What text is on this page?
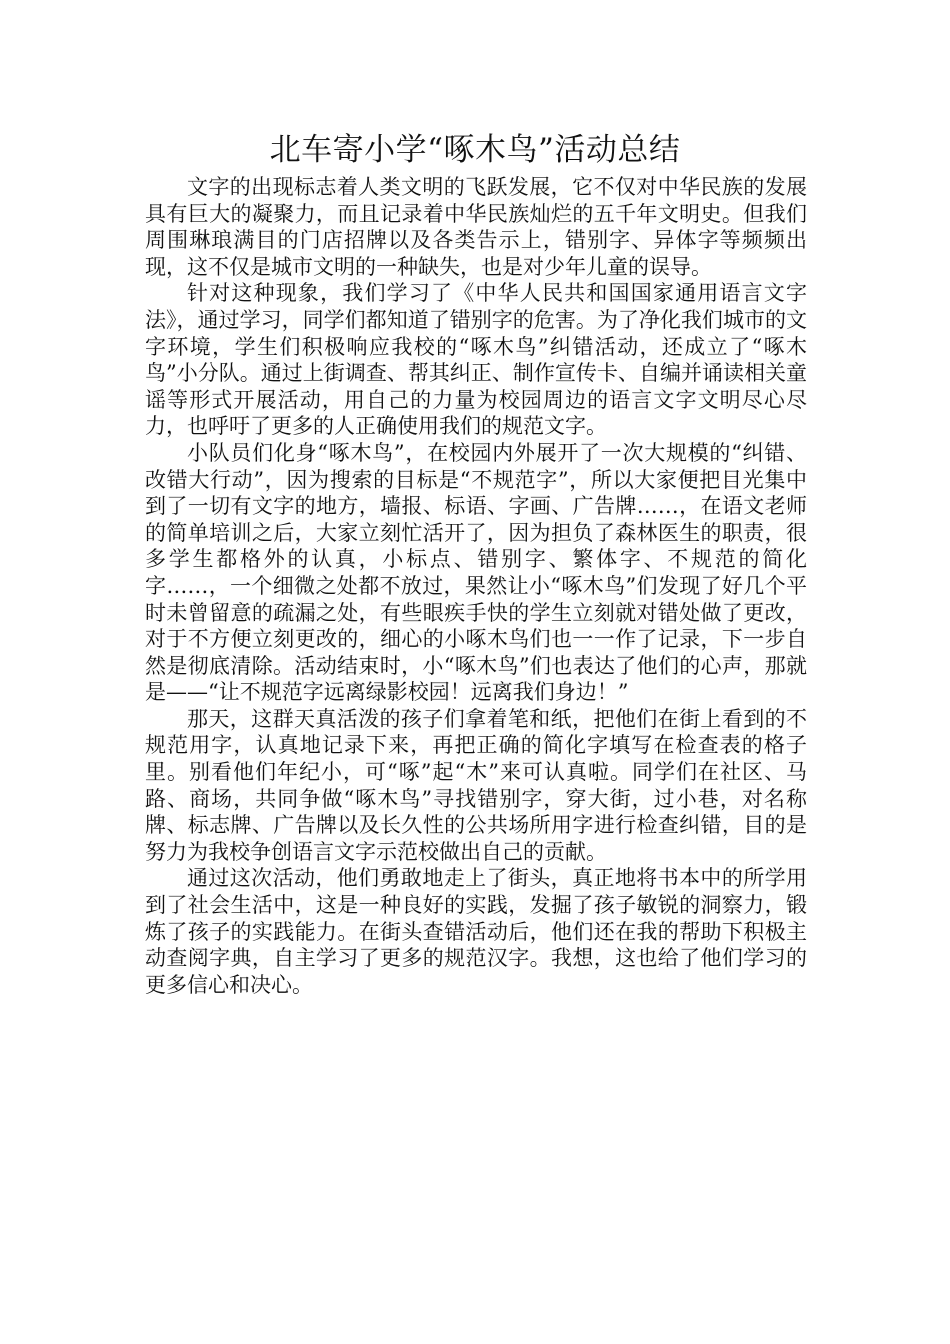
北车寄小学“啄木鸟”活动总结

文字的出现标志着人类文明的飞跃发展，它不仅对中华民族的发展具有巨大的凝聚力，而且记录着中华民族灿烂的五千年文明史。但我们周围琳琅满目的门店招牌以及各类告示上，错别字、异体字等频频出现，这不仅是城市文明的一种缺失，也是对少年儿童的误导。

针对这种现象，我们学习了《中华人民共和国国家通用语言文字法》，通过学习，同学们都知道了错别字的危害。为了净化我们城市的文字环境，学生们积极响应我校的“啄木鸟”纠错活动，还成立了“啄木鸟”小分队。通过上街调查、帮其纠正、制作宣传卡、自编并诵读相关童谣等形式开展活动，用自己的力量为校园周边的语言文字文明尽心尽力，也呼吁了更多的人正确使用我们的规范文字。

小队员们化身“啄木鸟”，在校园内外展开了一次大规模的“纠错、改错大行动”，因为搜索的目标是“不规范字”，所以大家便把目光集中到了一切有文字的地方，墙报、标语、字画、广告牌……，在语文老师的简单培训之后，大家立刻忙活开了，因为担负了森林医生的职责，很多学生都格外的认真，小标点、错别字、繁体字、不规范的简化字……，一个细微之处都不放过，果然让小“啄木鸟”们发现了好几个平时未曾留意的疏漏之处，有些眼疾手快的学生立刻就对错处做了更改，对于不方便立刻更改的，细心的小啄木鸟们也一一作了记录，下一步自然是彻底清除。活动结束时，小“啄木鸟”们也表达了他们的心声，那就是——“让不规范字远离绿影校园！远离我们身边！”

那天，这群天真活泼的孩子们拿着笔和纸，把他们在街上看到的不规范用字，认真地记录下来，再把正确的简化字填写在检查表的格子里。别看他们年纪小，可“啄”起“木”来可认真啦。同学们在社区、马路、商场，共同争做“啄木鸟”寻找错别字，穿大街，过小巷，对名称牌、标志牌、广告牌以及长久性的公共场所用字进行检查纠错，目的是努力为我校争创语言文字示范校做出自己的贡献。

通过这次活动，他们勇敢地走上了街头，真正地将书本中的所学用到了社会生活中，这是一种良好的实践，发掘了孩子敏锐的洞察力，锻炼了孩子的实践能力。在街头查错活动后，他们还在我的帮助下积极主动查阅字典，自主学习了更多的规范汉字。我想，这也给了他们学习的更多信心和决心。
